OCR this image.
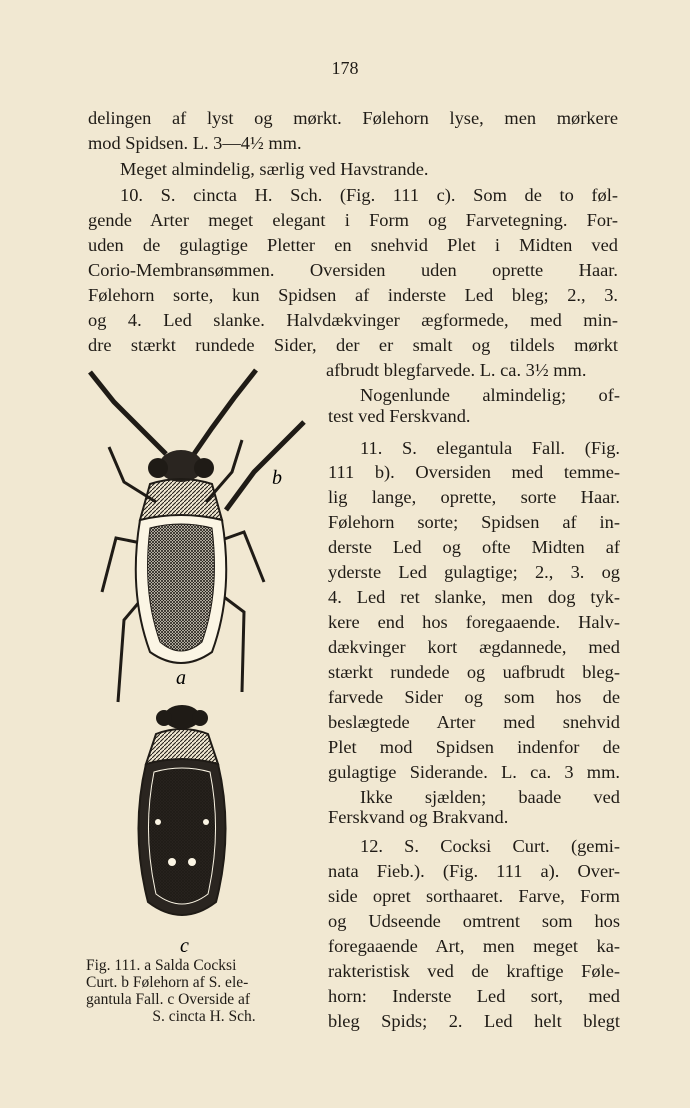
178
delingen af lyst og mørkt. Følehorn lyse, men mørkere
mod Spidsen. L. 3—4½ mm.
Meget almindelig, særlig ved Havstrande.
10. S. cincta H. Sch. (Fig. 111 c). Som de to føl-
gende Arter meget elegant i Form og Farvetegning. For-
uden de gulagtige Pletter en snehvid Plet i Midten ved
Corio-Membransømmen. Oversiden uden oprette Haar.
Følehorn sorte, kun Spidsen af inderste Led bleg; 2., 3.
og 4. Led slanke. Halvdækvinger ægformede, med min-
dre stærkt rundede Sider, der er smalt og tildels mørkt
afbrudt blegfarvede. L. ca. 3½ mm.
Nogenlunde almindelig; of-
test ved Ferskvand.
11. S. elegantula Fall. (Fig.
111 b). Oversiden med temme-
lig lange, oprette, sorte Haar.
Følehorn sorte; Spidsen af in-
derste Led og ofte Midten af
yderste Led gulagtige; 2., 3. og
4. Led ret slanke, men dog tyk-
kere end hos foregaaende. Halv-
dækvinger kort ægdannede, med
stærkt rundede og uafbrudt bleg-
farvede Sider og som hos de
beslægtede Arter med snehvid
Plet mod Spidsen indenfor de
gulagtige Siderande. L. ca. 3 mm.
Ikke sjælden; baade ved
Ferskvand og Brakvand.
12. S. Cocksi Curt. (gemi-
nata Fieb.). (Fig. 111 a). Over-
side opret sorthaaret. Farve, Form
og Udseende omtrent som hos
foregaaende Art, men meget ka-
rakteristisk ved de kraftige Føle-
horn: Inderste Led sort, med
bleg Spids; 2. Led helt blegt
b
a
c
Fig. 111. a Salda Cocksi
Curt. b Følehorn af S. ele-
gantula Fall. c Overside af
S. cincta H. Sch.
